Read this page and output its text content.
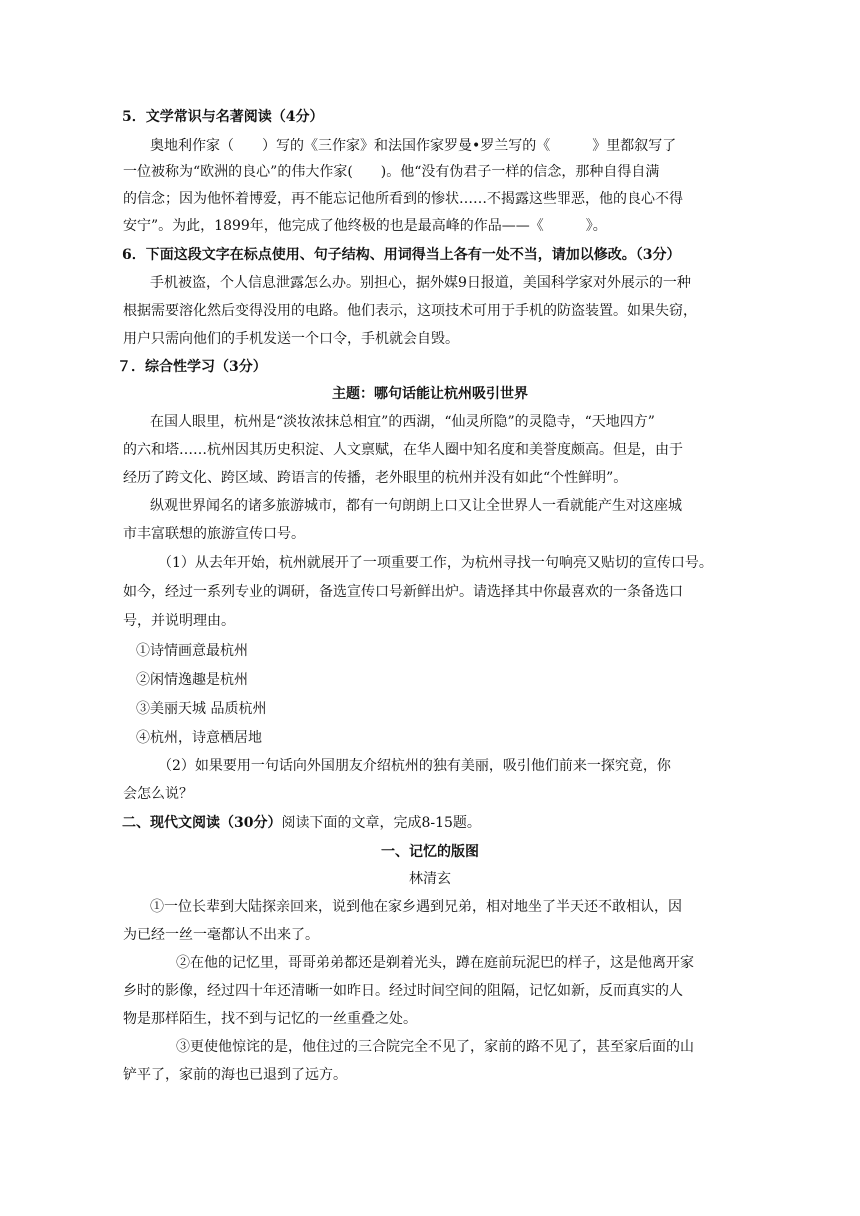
5．文学常识与名著阅读（4分）
奥地利作家（　　）写的《三作家》和法国作家罗曼•罗兰写的《　　　》里都叙写了
一位被称为“欧洲的良心”的伟大作家(　　)。他“没有伪君子一样的信念，那种自得自满
的信念；因为他怀着博爱，再不能忘记他所看到的惨状……不揭露这些罪恶，他的良心不得
安宁”。为此，1899年，他完成了他终极的也是最高峰的作品——《　　　》。
6．下面这段文字在标点使用、句子结构、用词得当上各有一处不当，请加以修改。（3分）
手机被盗，个人信息泄露怎么办。别担心，据外媒9日报道，美国科学家对外展示的一种
根据需要溶化然后变得没用的电路。他们表示，这项技术可用于手机的防盗装置。如果失窃，
用户只需向他们的手机发送一个口令，手机就会自毁。
７．综合性学习（3分）
主题：哪句话能让杭州吸引世界
在国人眼里，杭州是“淡妆浓抹总相宜”的西湖，“仙灵所隐”的灵隐寺，“天地四方”
的六和塔……杭州因其历史积淀、人文禀赋，在华人圈中知名度和美誉度颇高。但是，由于
经历了跨文化、跨区域、跨语言的传播，老外眼里的杭州并没有如此“个性鲜明”。
纵观世界闻名的诸多旅游城市，都有一句朗朗上口又让全世界人一看就能产生对这座城
市丰富联想的旅游宣传口号。
（1）从去年开始，杭州就展开了一项重要工作，为杭州寻找一句响亮又贴切的宣传口号。
如今，经过一系列专业的调研，备选宣传口号新鲜出炉。请选择其中你最喜欢的一条备选口
号，并说明理由。
①诗情画意最杭州
②闲情逸趣是杭州
③美丽天城 品质杭州
④杭州，诗意栖居地
（2）如果要用一句话向外国朋友介绍杭州的独有美丽，吸引他们前来一探究竟，你
会怎么说？
二、现代文阅读（30分）阅读下面的文章，完成8-15题。
一、记忆的版图
林清玄
①一位长辈到大陆探亲回来，说到他在家乡遇到兄弟，相对地坐了半天还不敢相认，因
为已经一丝一毫都认不出来了。
②在他的记忆里，哥哥弟弟都还是剃着光头，蹲在庭前玩泥巴的样子，这是他离开家
乡时的影像，经过四十年还清晰一如昨日。经过时间空间的阻隔，记忆如新，反而真实的人
物是那样陌生，找不到与记忆的一丝重叠之处。
③更使他惊诧的是，他住过的三合院完全不见了，家前的路不见了，甚至家后面的山
铲平了，家前的海也已退到了远方。
